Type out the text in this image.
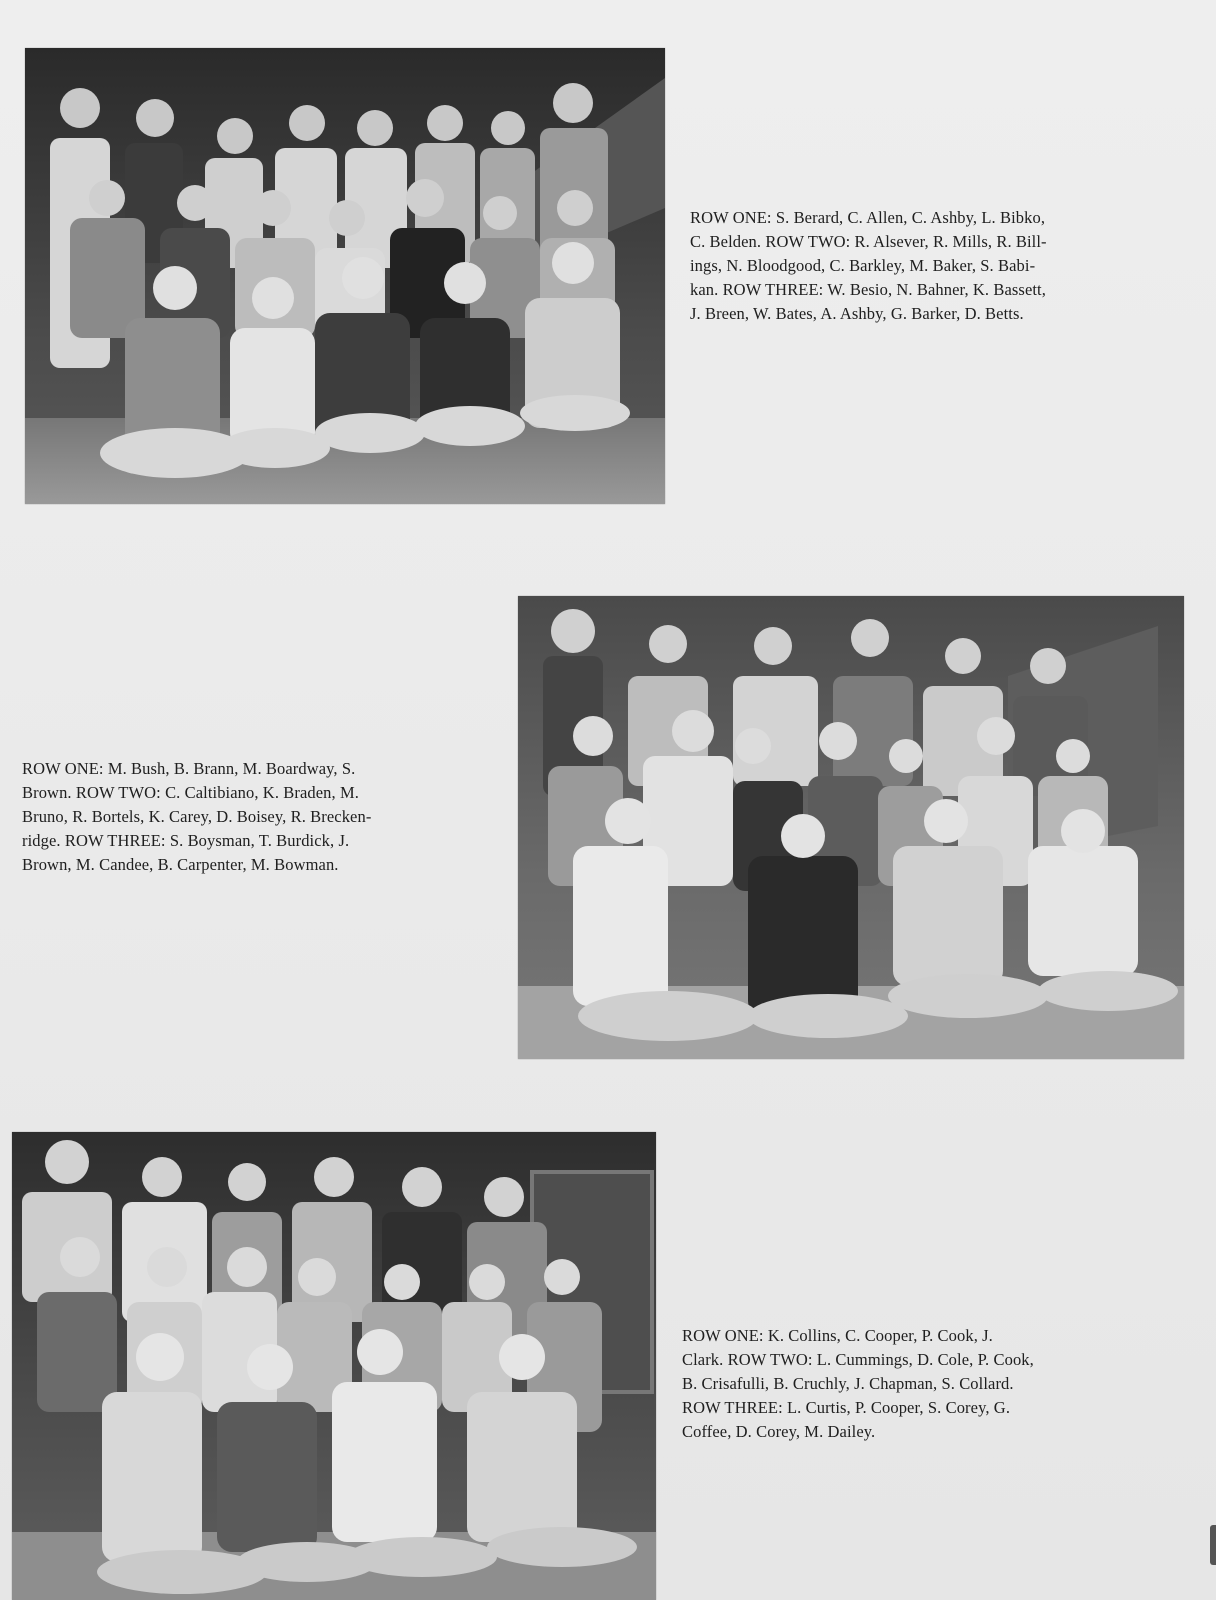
ROW ONE: S. Berard, C. Allen, C. Ashby, L. Bibko,
C. Belden. ROW TWO: R. Alsever, R. Mills, R. Bill-
ings, N. Bloodgood, C. Barkley, M. Baker, S. Babi-
kan. ROW THREE: W. Besio, N. Bahner, K. Bassett,
J. Breen, W. Bates, A. Ashby, G. Barker, D. Betts.
ROW ONE: M. Bush, B. Brann, M. Boardway, S.
Brown. ROW TWO: C. Caltibiano, K. Braden, M.
Bruno, R. Bortels, K. Carey, D. Boisey, R. Brecken-
ridge. ROW THREE: S. Boysman, T. Burdick, J.
Brown, M. Candee, B. Carpenter, M. Bowman.
ROW ONE: K. Collins, C. Cooper, P. Cook, J.
Clark. ROW TWO: L. Cummings, D. Cole, P. Cook,
B. Crisafulli, B. Cruchly, J. Chapman, S. Collard.
ROW THREE: L. Curtis, P. Cooper, S. Corey, G.
Coffee, D. Corey, M. Dailey.
